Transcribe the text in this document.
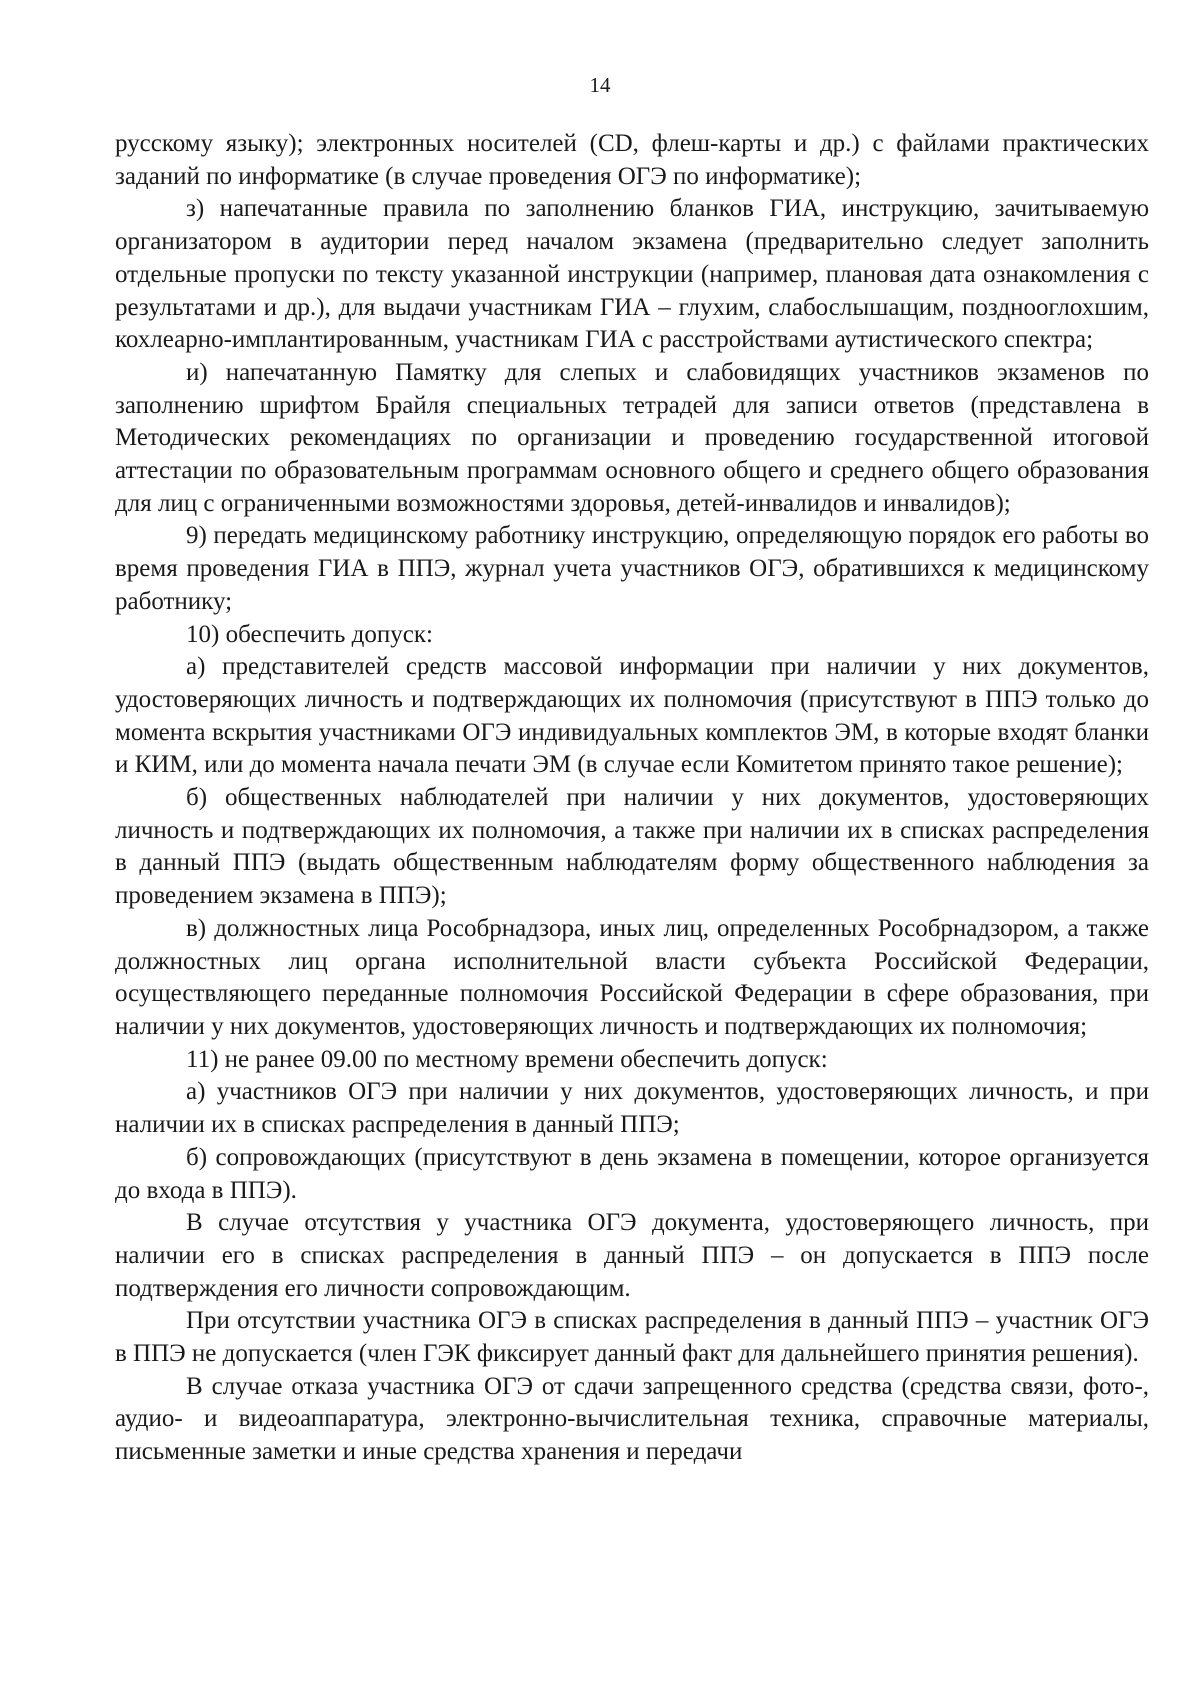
14

русскому языку); электронных носителей (CD, флеш-карты и др.) с файлами практических заданий по информатике (в случае проведения ОГЭ по информатике);

з) напечатанные правила по заполнению бланков ГИА, инструкцию, зачитываемую организатором в аудитории перед началом экзамена (предварительно следует заполнить отдельные пропуски по тексту указанной инструкции (например, плановая дата ознакомления с результатами и др.), для выдачи участникам ГИА – глухим, слабослышащим, позднооглохшим, кохлеарно-имплантированным, участникам ГИА с расстройствами аутистического спектра;

и) напечатанную Памятку для слепых и слабовидящих участников экзаменов по заполнению шрифтом Брайля специальных тетрадей для записи ответов (представлена в Методических рекомендациях по организации и проведению государственной итоговой аттестации по образовательным программам основного общего и среднего общего образования для лиц с ограниченными возможностями здоровья, детей-инвалидов и инвалидов);

9) передать медицинскому работнику инструкцию, определяющую порядок его работы во время проведения ГИА в ППЭ, журнал учета участников ОГЭ, обратившихся к медицинскому работнику;

10) обеспечить допуск:

а) представителей средств массовой информации при наличии у них документов, удостоверяющих личность и подтверждающих их полномочия (присутствуют в ППЭ только до момента вскрытия участниками ОГЭ индивидуальных комплектов ЭМ, в которые входят бланки и КИМ, или до момента начала печати ЭМ (в случае если Комитетом принято такое решение);

б) общественных наблюдателей при наличии у них документов, удостоверяющих личность и подтверждающих их полномочия, а также при наличии их в списках распределения в данный ППЭ (выдать общественным наблюдателям форму общественного наблюдения за проведением экзамена в ППЭ);

в) должностных лица Рособрнадзора, иных лиц, определенных Рособрнадзором, а также должностных лиц органа исполнительной власти субъекта Российской Федерации, осуществляющего переданные полномочия Российской Федерации в сфере образования, при наличии у них документов, удостоверяющих личность и подтверждающих их полномочия;

11) не ранее 09.00 по местному времени обеспечить допуск:

а) участников ОГЭ при наличии у них документов, удостоверяющих личность, и при наличии их в списках распределения в данный ППЭ;

б) сопровождающих (присутствуют в день экзамена в помещении, которое организуется до входа в ППЭ).

В случае отсутствия у участника ОГЭ документа, удостоверяющего личность, при наличии его в списках распределения в данный ППЭ – он допускается в ППЭ после подтверждения его личности сопровождающим.

При отсутствии участника ОГЭ в списках распределения в данный ППЭ – участник ОГЭ в ППЭ не допускается (член ГЭК фиксирует данный факт для дальнейшего принятия решения).

В случае отказа участника ОГЭ от сдачи запрещенного средства (средства связи, фото-, аудио- и видеоаппаратура, электронно-вычислительная техника, справочные материалы, письменные заметки и иные средства хранения и передачи
